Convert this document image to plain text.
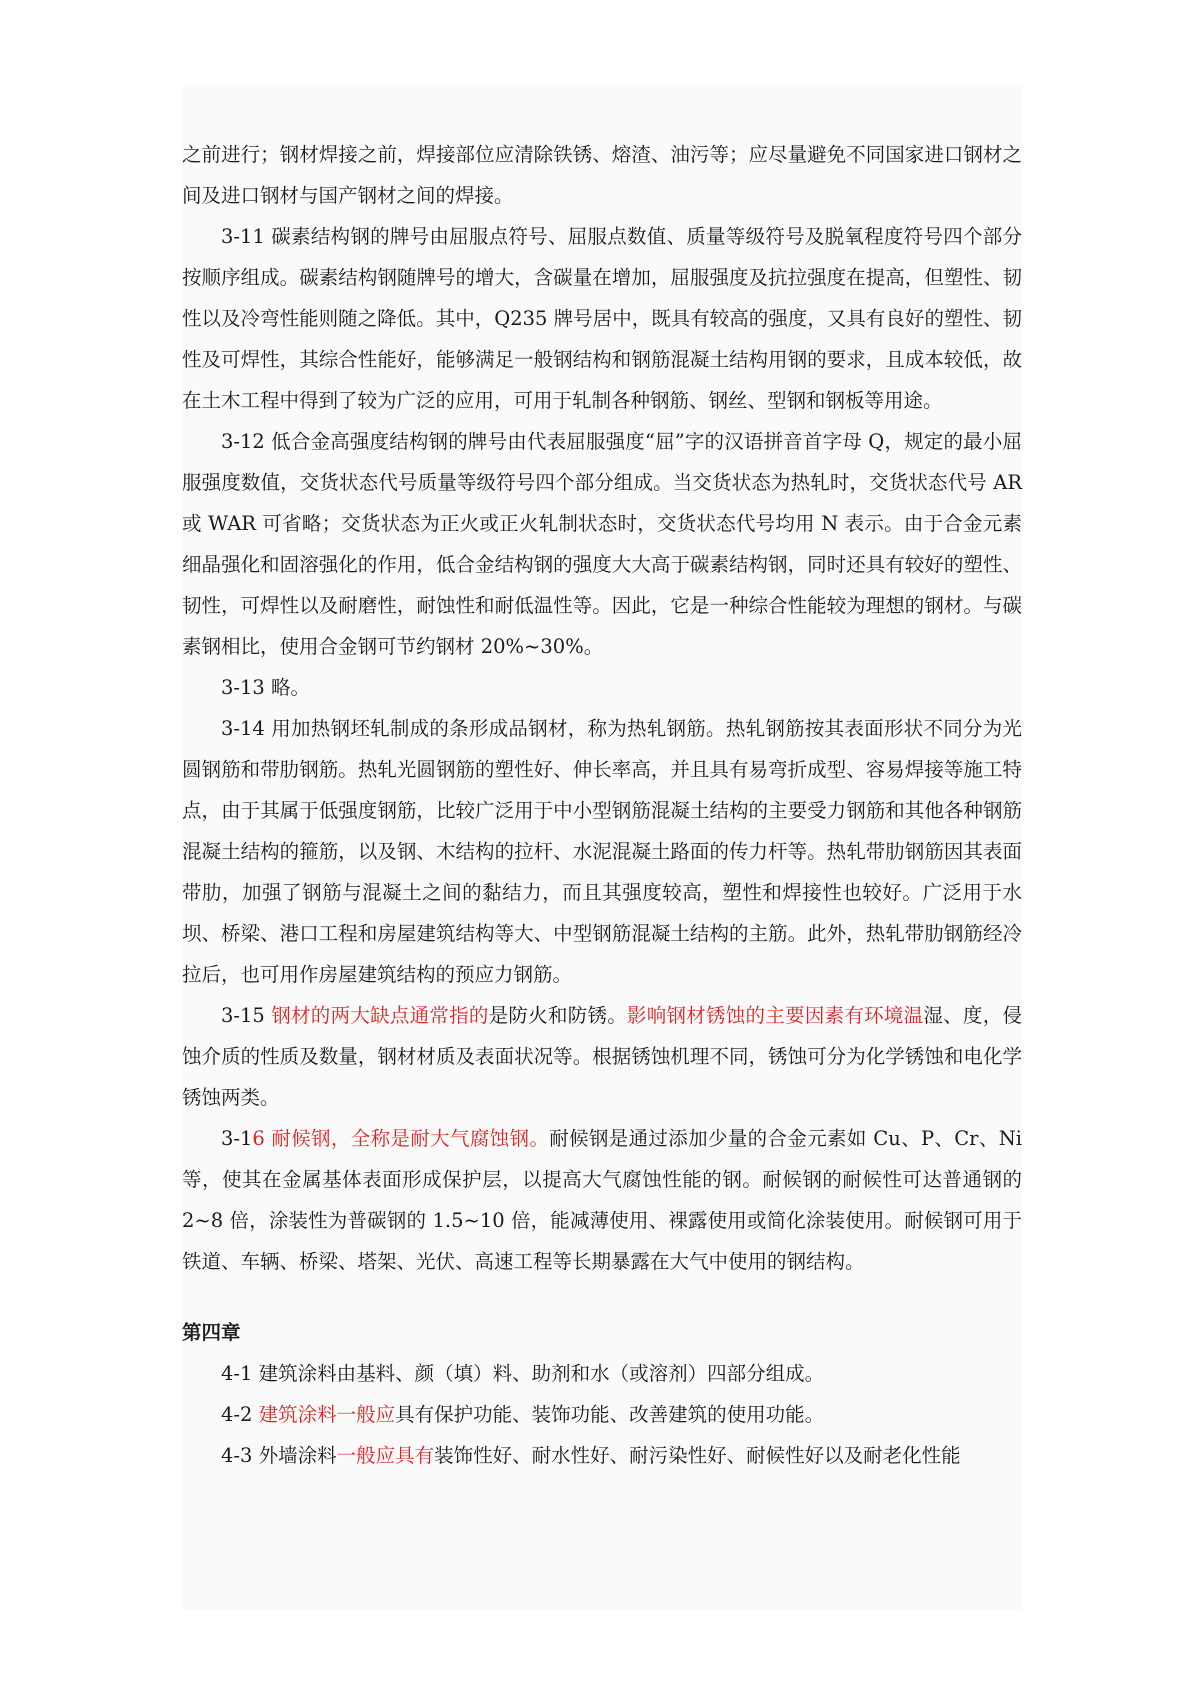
之前进行；钢材焊接之前，焊接部位应清除铁锈、熔渣、油污等；应尽量避免不同国家进口钢材之间及进口钢材与国产钢材之间的焊接。

3-11 碳素结构钢的牌号由屈服点符号、屈服点数值、质量等级符号及脱氧程度符号四个部分按顺序组成。碳素结构钢随牌号的增大，含碳量在增加，屈服强度及抗拉强度在提高，但塑性、韧性以及冷弯性能则随之降低。其中，Q235 牌号居中，既具有较高的强度，又具有良好的塑性、韧性及可焊性，其综合性能好，能够满足一般钢结构和钢筋混凝土结构用钢的要求，且成本较低，故在土木工程中得到了较为广泛的应用，可用于轧制各种钢筋、钢丝、型钢和钢板等用途。

3-12 低合金高强度结构钢的牌号由代表屈服强度“屈”字的汉语拼音首字母 Q，规定的最小屈服强度数值，交货状态代号质量等级符号四个部分组成。当交货状态为热轧时，交货状态代号 AR 或 WAR 可省略；交货状态为正火或正火轧制状态时，交货状态代号均用 N 表示。由于合金元素细晶强化和固溶强化的作用，低合金结构钢的强度大大高于碳素结构钢，同时还具有较好的塑性、韧性，可焊性以及耐磨性，耐蚀性和耐低温性等。因此，它是一种综合性能较为理想的钢材。与碳素钢相比，使用合金钢可节约钢材 20%~30%。

3-13 略。

3-14 用加热钢坯轧制成的条形成品钢材，称为热轧钢筋。热轧钢筋按其表面形状不同分为光圆钢筋和带肋钢筋。热轧光圆钢筋的塑性好、伸长率高，并且具有易弯折成型、容易焊接等施工特点，由于其属于低强度钢筋，比较广泛用于中小型钢筋混凝土结构的主要受力钢筋和其他各种钢筋混凝土结构的箍筋，以及钢、木结构的拉杆、水泥混凝土路面的传力杆等。热轧带肋钢筋因其表面带肋，加强了钢筋与混凝土之间的黏结力，而且其强度较高，塑性和焊接性也较好。广泛用于水坝、桥梁、港口工程和房屋建筑结构等大、中型钢筋混凝土结构的主筋。此外，热轧带肋钢筋经冷拉后，也可用作房屋建筑结构的预应力钢筋。

3-15 钢材的两大缺点通常指的是防火和防锈。影响钢材锈蚀的主要因素有环境温湿、度，侵蚀介质的性质及数量，钢材材质及表面状况等。根据锈蚀机理不同，锈蚀可分为化学锈蚀和电化学锈蚀两类。

3-16 耐候钢，全称是耐大气腐蚀钢。耐候钢是通过添加少量的合金元素如 Cu、P、Cr、Ni 等，使其在金属基体表面形成保护层，以提高大气腐蚀性能的钢。耐候钢的耐候性可达普通钢的 2~8 倍，涂装性为普碳钢的 1.5~10 倍，能减薄使用、裸露使用或简化涂装使用。耐候钢可用于铁道、车辆、桥梁、塔架、光伏、高速工程等长期暴露在大气中使用的钢结构。

第四章

4-1 建筑涂料由基料、颜（填）料、助剂和水（或溶剂）四部分组成。

4-2 建筑涂料一般应具有保护功能、装饰功能、改善建筑的使用功能。

4-3 外墙涂料一般应具有装饰性好、耐水性好、耐污染性好、耐候性好以及耐老化性能
